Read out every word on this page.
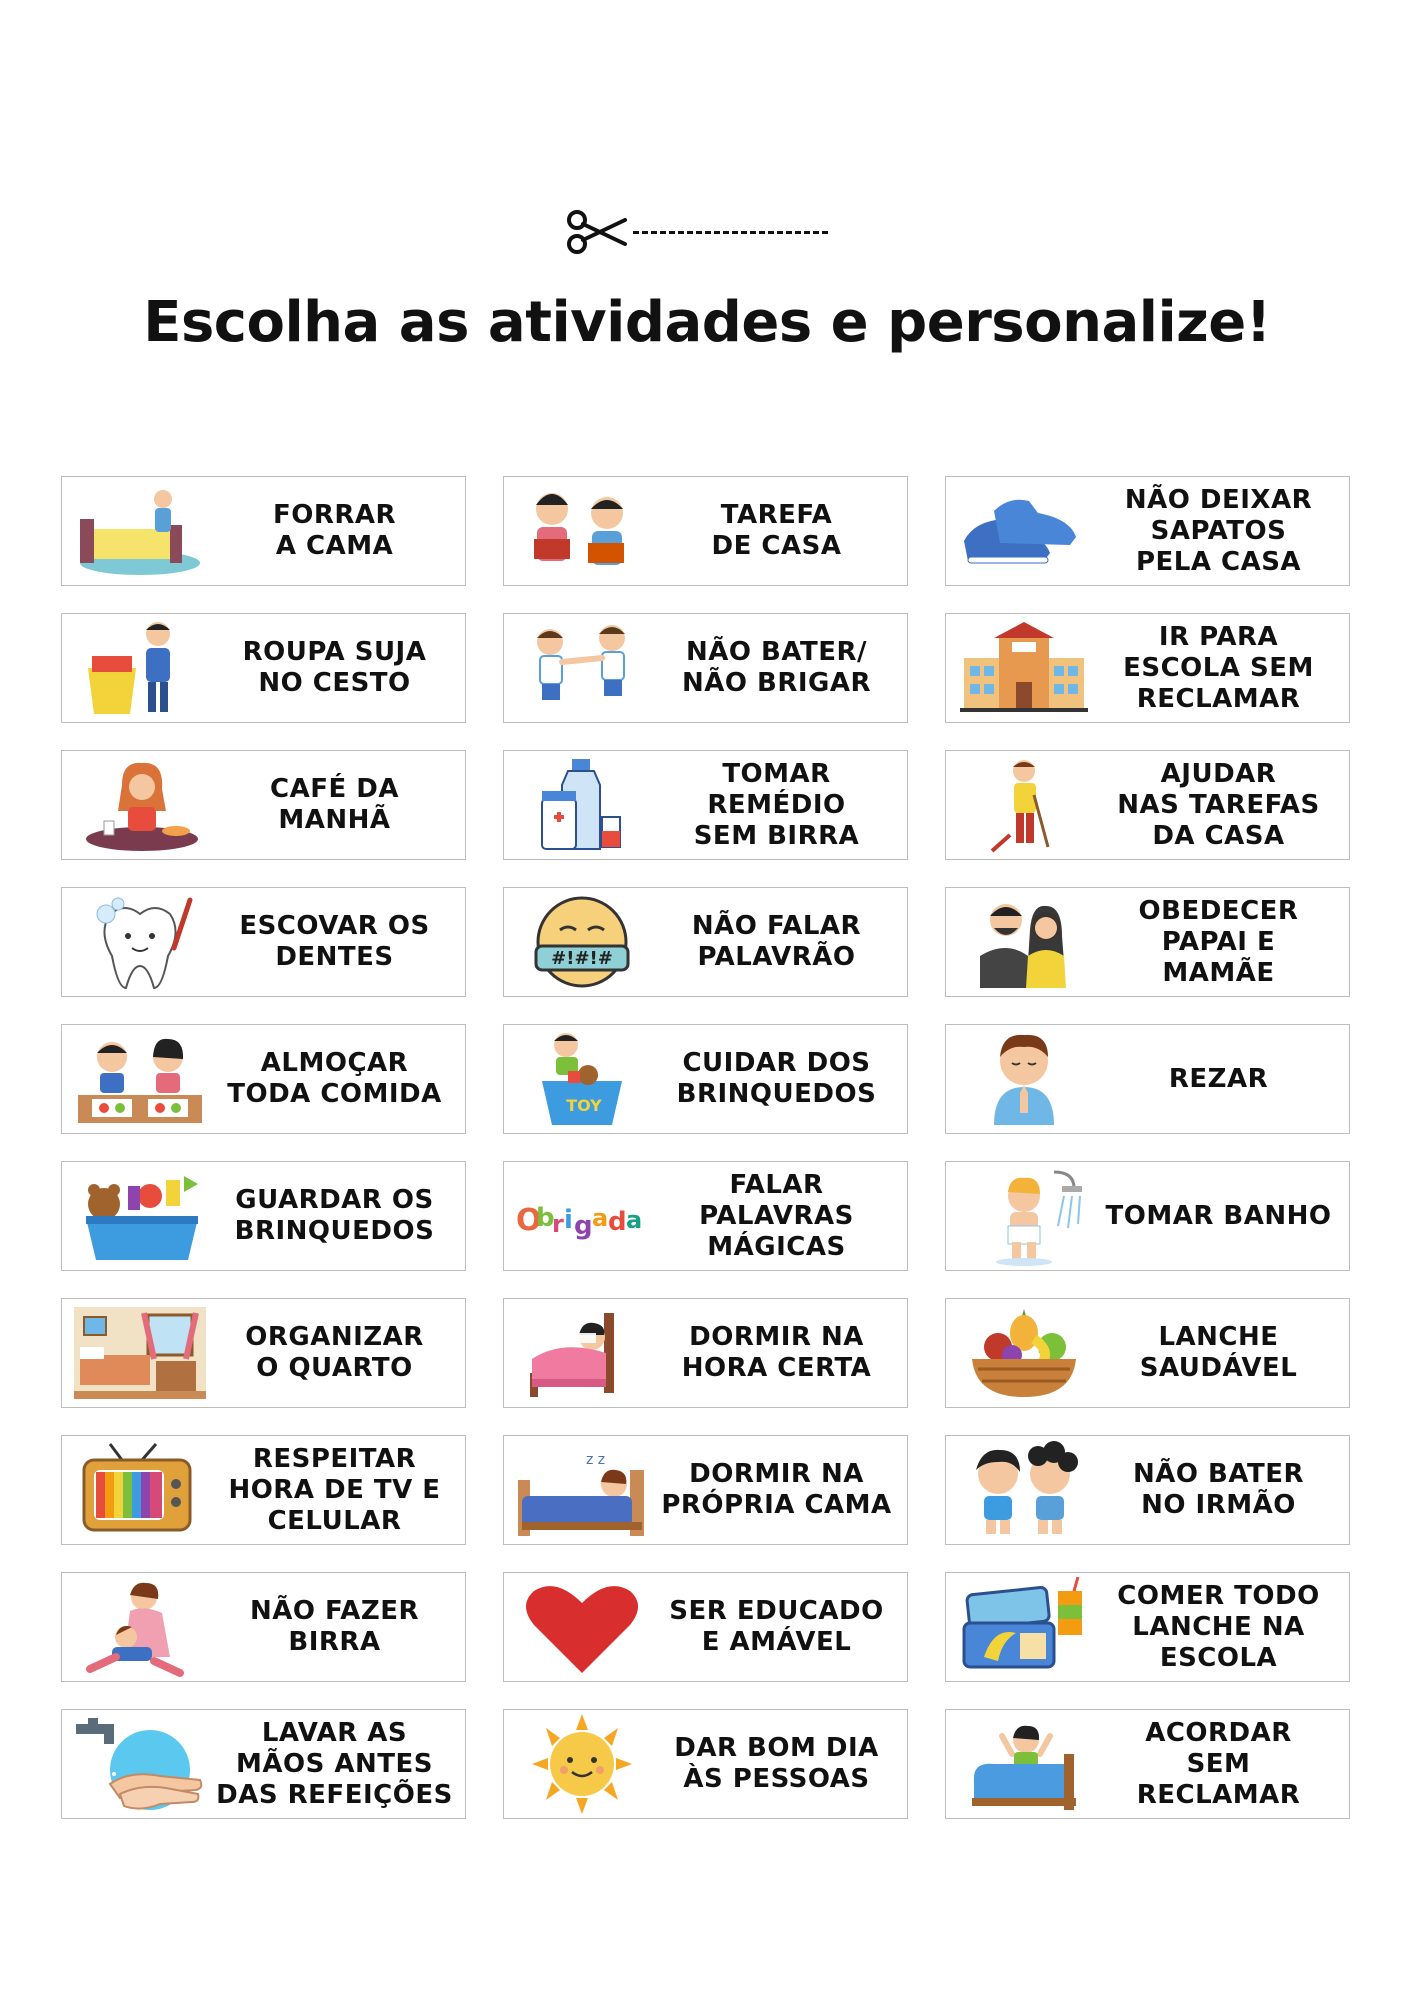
Escolha as atividades e personalize!
FORRAR
A CAMA
TAREFA
DE CASA
NÃO DEIXAR
SAPATOS
PELA CASA
ROUPA SUJA
NO CESTO
NÃO BATER/
NÃO BRIGAR
IR PARA
ESCOLA SEM
RECLAMAR
CAFÉ DA
MANHÃ
TOMAR REMÉDIO
SEM BIRRA
AJUDAR
NAS TAREFAS
DA CASA
ESCOVAR OS
DENTES	#!#!#
NÃO FALAR
PALAVRÃO
OBEDECER
PAPAI E
MAMÃE
ALMOÇAR
TODA COMIDA	TOY
CUIDAR DOS
BRINQUEDOS
REZAR
GUARDAR OS
BRINQUEDOS	O
b
r i g a d a
FALAR PALAVRAS
MÁGICAS
TOMAR BANHO
ORGANIZAR
O QUARTO
DORMIR NA
HORA CERTA
LANCHE
SAUDÁVEL
RESPEITAR
HORA DE TV E
CELULAR
z z	DORMIR NA
PRÓPRIA CAMA
NÃO BATER
NO IRMÃO
NÃO FAZER
BIRRA
SER EDUCADO
E AMÁVEL
COMER TODO
LANCHE NA
ESCOLA
LAVAR AS
MÃOS ANTES
DAS REFEIÇÕES
DAR BOM DIA
ÀS PESSOAS
ACORDAR
SEM
RECLAMAR
